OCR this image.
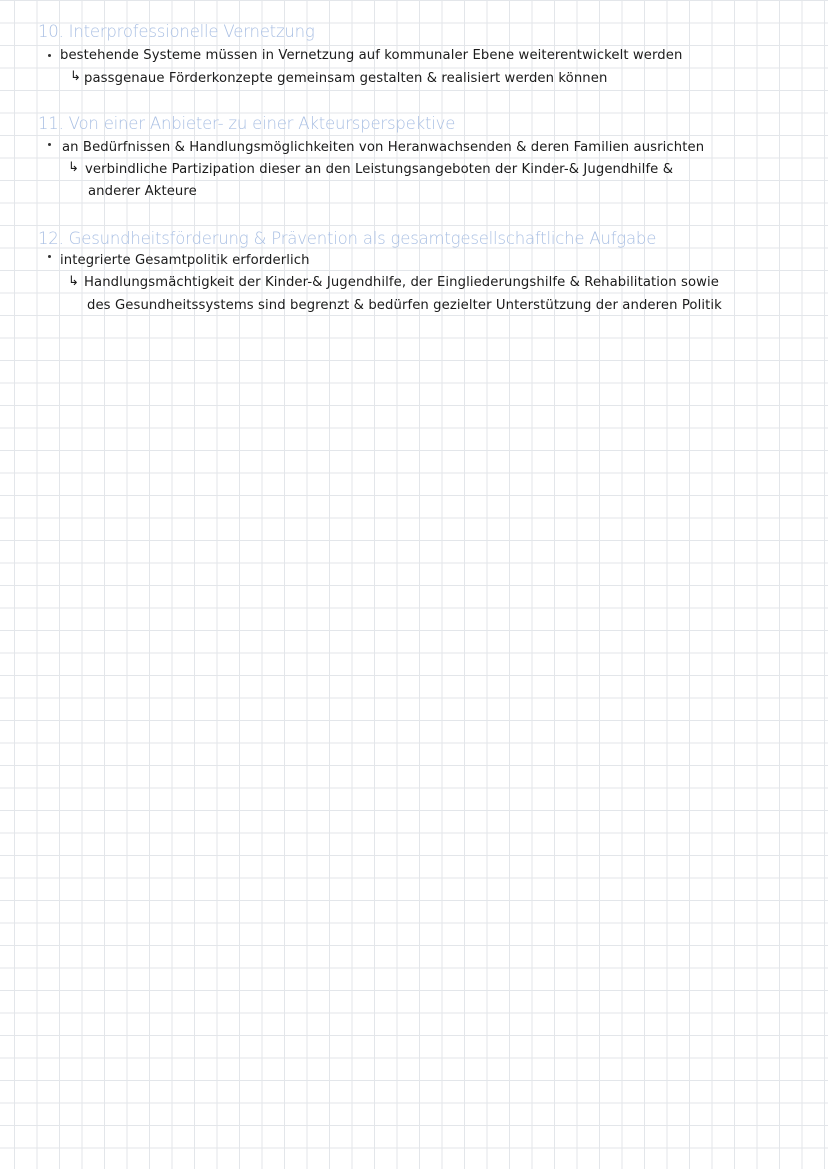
10. Interprofessionelle Vernetzung
bestehende Systeme müssen in Vernetzung auf kommunaler Ebene weiterentwickelt werden
↳ passgenaue Förderkonzepte gemeinsam gestalten & realisiert werden können
11. Von einer Anbieter- zu einer Akteursperspektive
an Bedürfnissen & Handlungsmöglichkeiten von Heranwachsenden & deren Familien ausrichten
↳ verbindliche Partizipation dieser an den Leistungsangeboten der Kinder-& Jugendhilfe &
anderer Akteure
12. Gesundheitsförderung & Prävention als gesamtgesellschaftliche Aufgabe
integrierte Gesamtpolitik erforderlich
↳ Handlungsmächtigkeit der Kinder-& Jugendhilfe, der Eingliederungshilfe & Rehabilitation sowie
des Gesundheitssystems sind begrenzt & bedürfen gezielter Unterstützung der anderen Politik
